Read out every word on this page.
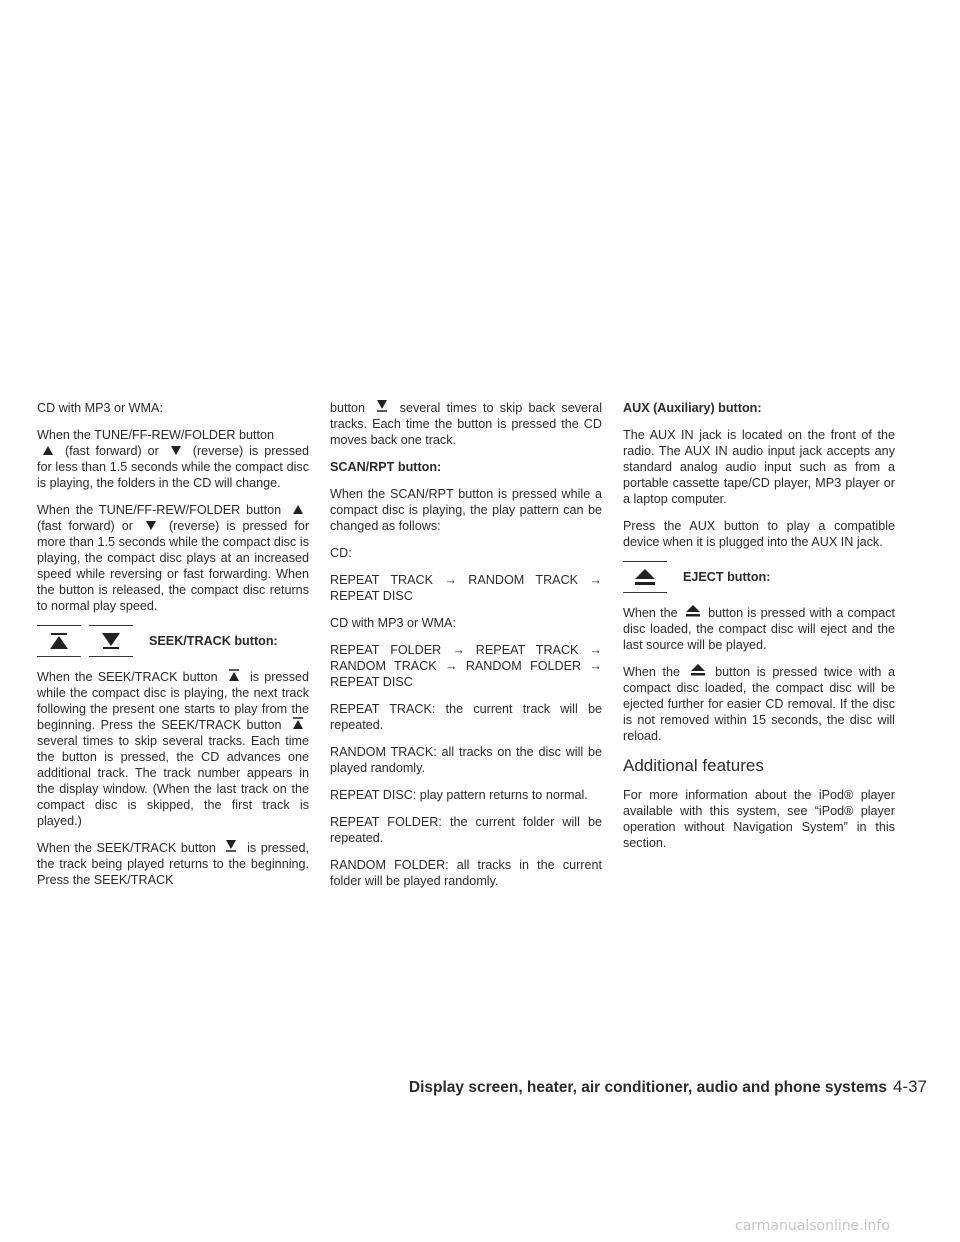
CD with MP3 or WMA:

When the TUNE/FF-REW/FOLDER button
(fast forward) or	(reverse) is pressed for less than 1.5 seconds while the compact disc is playing, the folders in the CD will change.

When the TUNE/FF-REW/FOLDER button  (fast forward) or	(reverse) is pressed for more than 1.5 seconds while the compact disc is playing, the compact disc plays at an increased speed while reversing or fast forwarding. When the button is released, the compact disc returns to normal play speed.

SEEK/TRACK button:

When the SEEK/TRACK button	is pressed while the compact disc is playing, the next track following the present one starts to play from the beginning. Press the SEEK/TRACK button  several times to skip several tracks. Each time the button is pressed, the CD advances one additional track. The track number appears in the display window. (When the last track on the compact disc is skipped, the first track is played.)

When the SEEK/TRACK button is pressed, the track being played returns to the beginning. Press the SEEK/TRACK

button	several times to skip back several tracks. Each time the button is pressed the CD moves back one track.

SCAN/RPT button:

When the SCAN/RPT button is pressed while a compact disc is playing, the play pattern can be changed as follows:

CD:

REPEAT TRACK → RANDOM TRACK → REPEAT DISC

CD with MP3 or WMA:

REPEAT FOLDER → REPEAT TRACK → RANDOM TRACK → RANDOM FOLDER → REPEAT DISC

REPEAT TRACK: the current track will be repeated.

RANDOM TRACK: all tracks on the disc will be played randomly.

REPEAT DISC: play pattern returns to normal.

REPEAT FOLDER: the current folder will be repeated.

RANDOM FOLDER: all tracks in the current folder will be played randomly.

AUX (Auxiliary) button:

The AUX IN jack is located on the front of the radio. The AUX IN audio input jack accepts any standard analog audio input such as from a portable cassette tape/CD player, MP3 player or a laptop computer.

Press the AUX button to play a compatible device when it is plugged into the AUX IN jack.

EJECT button:

When the button is pressed with a compact disc loaded, the compact disc will eject and the last source will be played.

When the	button is pressed twice with a compact disc loaded, the compact disc will be ejected further for easier CD removal. If the disc is not removed within 15 seconds, the disc will reload.

Additional features

For more information about the iPod® player available with this system, see “iPod® player operation without Navigation System” in this section.

Display screen, heater, air conditioner, audio and phone systems 4-37
carmanualsonline.info
